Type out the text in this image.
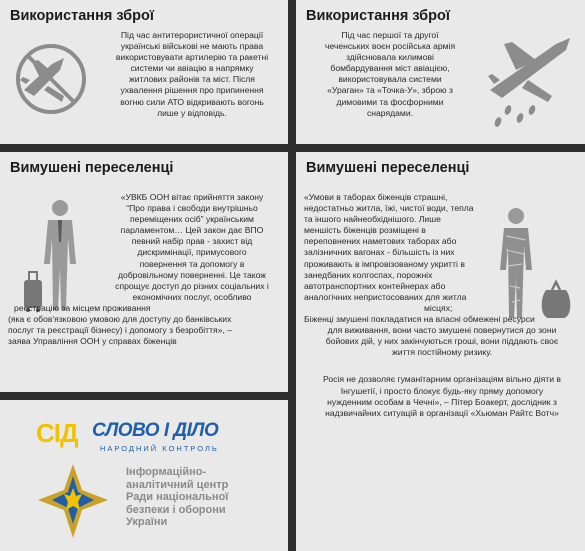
Використання зброї

Під час антитерористичної операції

українські військові не мають права

використовувати артилерію та ракетні

системи чи авіацію в напрямку

житлових районів та міст. Після

ухвалення рішення про припинення

вогню сили АТО відкривають вогонь

лише у відповідь.

Використання зброї

Під час першої та другої

чеченських воєн російська армія

здійснювала килимові

бомбардування міст авіацією,

використовувала системи

«Ураган» та «Точка-У», зброю з

димовими та фосфорними

снарядами.

Вимушені переселенці

«УВКБ ООН вітає прийняття закону

“Про права і свободи внутрішньо

переміщених осіб” українським

парламентом… Цей закон дає ВПО

певний набір прав - захист від

дискримінації, примусового

повернення та допомогу в

добровільному поверненні. Це також

спрощує доступ до різних соціальних і

економічних послуг, особливо

реєстрацію за місцем проживання

(яка є обов'язковою умовою для доступу до банківських

послуг та реєстрації бізнесу) і допомогу з безробіття», –

заява Управління ООН у справах біженців

Вимушені переселенці

«Умови в таборах біженців страшні,

недостатньо житла, їжі, чистої води, тепла

та іншого найнеобхіднішого. Лише

меншість біженців розміщені в

переповнених наметових таборах або

залізничних вагонах - більшість із них

проживають в імпровізованому укритті в

занедбаних колгоспах, порожніх

автотранспортних контейнерах або

аналогічних непристосованих для житла

місцях;

Біженці змушені покладатися на власні обмежені ресурси

для виживання, вони часто змушені повернутися до зони

бойових дій, у них закінчуються гроші, вони піддають своє

життя постійному ризику.

Росія не дозволяє гуманітарним організаціям вільно діяти в

Інгушетії, і просто блокує будь-яку пряму допомогу

нужденним особам в Чечні», – Пітер Боакерт, дослідник з

надзвичайних ситуацій в організації «Хьюман Райтс Вотч»

СІД СЛОВО І ДІЛО
НАРОДНИЙ КОНТРОЛЬ
Інформаційно-
аналітичний центр
Ради національної
безпеки і оборони
України
